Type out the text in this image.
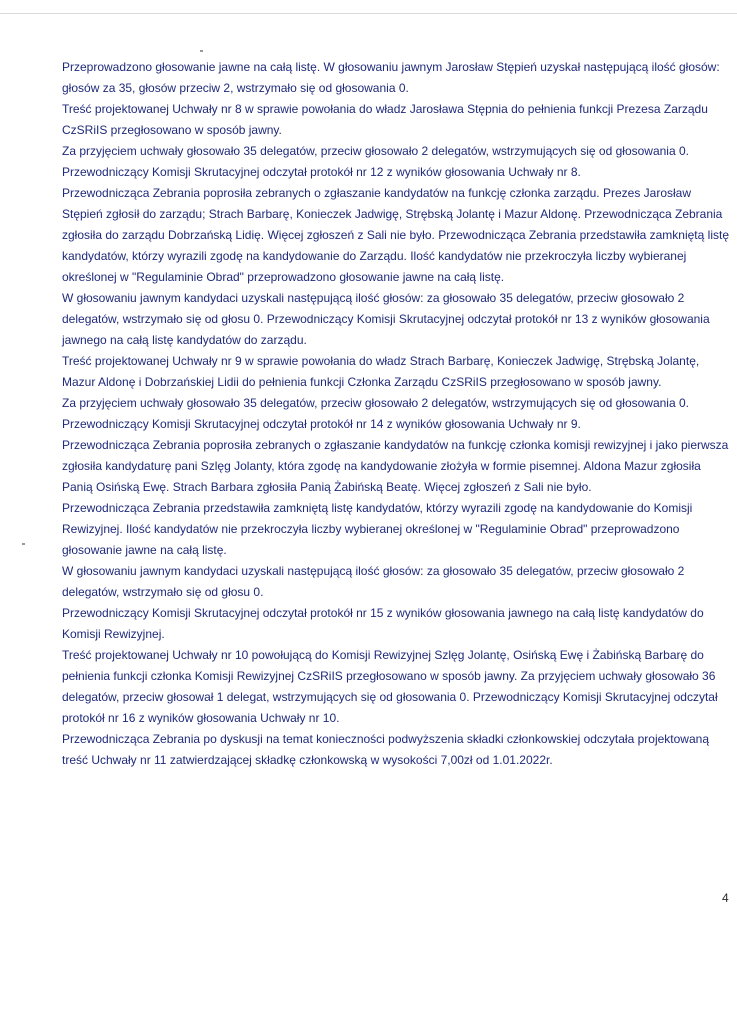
Przeprowadzono głosowanie jawne na całą listę. W głosowaniu jawnym Jarosław Stępień uzyskał następującą ilość głosów: głosów za 35, głosów przeciw 2, wstrzymało się od głosowania 0.

Treść projektowanej Uchwały nr 8 w sprawie powołania do władz Jarosława Stępnia do pełnienia funkcji Prezesa Zarządu CzSRiIS przegłosowano w sposób jawny.

Za przyjęciem uchwały głosowało 35 delegatów, przeciw głosowało 2 delegatów, wstrzymujących się od głosowania 0.

Przewodniczący Komisji Skrutacyjnej odczytał protokół nr 12 z wyników głosowania Uchwały nr 8.

Przewodnicząca Zebrania poprosiła zebranych o zgłaszanie kandydatów na funkcję członka zarządu. Prezes Jarosław Stępień zgłosił do zarządu; Strach Barbarę, Konieczek Jadwigę, Strębską Jolantę i Mazur Aldonę. Przewodnicząca Zebrania zgłosiła do zarządu Dobrzańską Lidię. Więcej zgłoszeń z Sali nie było. Przewodnicząca Zebrania przedstawiła zamkniętą listę kandydatów, którzy wyrazili zgodę na kandydowanie do Zarządu. Ilość kandydatów nie przekroczyła liczby wybieranej określonej w "Regulaminie Obrad" przeprowadzono głosowanie jawne na całą listę.

W głosowaniu jawnym kandydaci uzyskali następującą ilość głosów: za głosowało 35 delegatów, przeciw głosowało 2 delegatów, wstrzymało się od głosu 0. Przewodniczący Komisji Skrutacyjnej odczytał protokół nr 13 z wyników głosowania jawnego na całą listę kandydatów do zarządu.

Treść projektowanej Uchwały nr 9 w sprawie powołania do władz Strach Barbarę, Konieczek Jadwigę, Strębską Jolantę, Mazur Aldonę i Dobrzańskiej Lidii do pełnienia funkcji Członka Zarządu CzSRiIS przegłosowano w sposób jawny.

Za przyjęciem uchwały głosowało 35 delegatów, przeciw głosowało 2 delegatów, wstrzymujących się od głosowania 0.

Przewodniczący Komisji Skrutacyjnej odczytał protokół nr 14 z wyników głosowania Uchwały nr 9.

Przewodnicząca Zebrania poprosiła zebranych o zgłaszanie kandydatów na funkcję członka komisji rewizyjnej i jako pierwsza zgłosiła kandydaturę pani Szlęg Jolanty, która zgodę na kandydowanie złożyła w formie pisemnej. Aldona Mazur zgłosiła Panią Osińską Ewę. Strach Barbara zgłosiła Panią Żabińską Beatę. Więcej zgłoszeń z Sali nie było.

Przewodnicząca Zebrania przedstawiła zamkniętą listę kandydatów, którzy wyrazili zgodę na kandydowanie do Komisji Rewizyjnej. Ilość kandydatów nie przekroczyła liczby wybieranej określonej w "Regulaminie Obrad" przeprowadzono głosowanie jawne na całą listę.

W głosowaniu jawnym kandydaci uzyskali następującą ilość głosów: za głosowało 35 delegatów, przeciw głosowało 2 delegatów, wstrzymało się od głosu 0.

Przewodniczący Komisji Skrutacyjnej odczytał protokół nr 15 z wyników głosowania jawnego na całą listę kandydatów do Komisji Rewizyjnej.

Treść projektowanej Uchwały nr 10 powołującą do Komisji Rewizyjnej Szlęg Jolantę, Osińską Ewę i Żabińską Barbarę do pełnienia funkcji członka Komisji Rewizyjnej CzSRiIS przegłosowano w sposób jawny. Za przyjęciem uchwały głosowało 36 delegatów, przeciw głosował 1 delegat, wstrzymujących się od głosowania 0. Przewodniczący Komisji Skrutacyjnej odczytał protokół nr 16 z wyników głosowania Uchwały nr 10.

Przewodnicząca Zebrania po dyskusji na temat konieczności podwyższenia składki członkowskiej odczytała projektowaną treść Uchwały nr 11 zatwierdzającej składkę członkowską w wysokości 7,00zł od 1.01.2022r.

4
